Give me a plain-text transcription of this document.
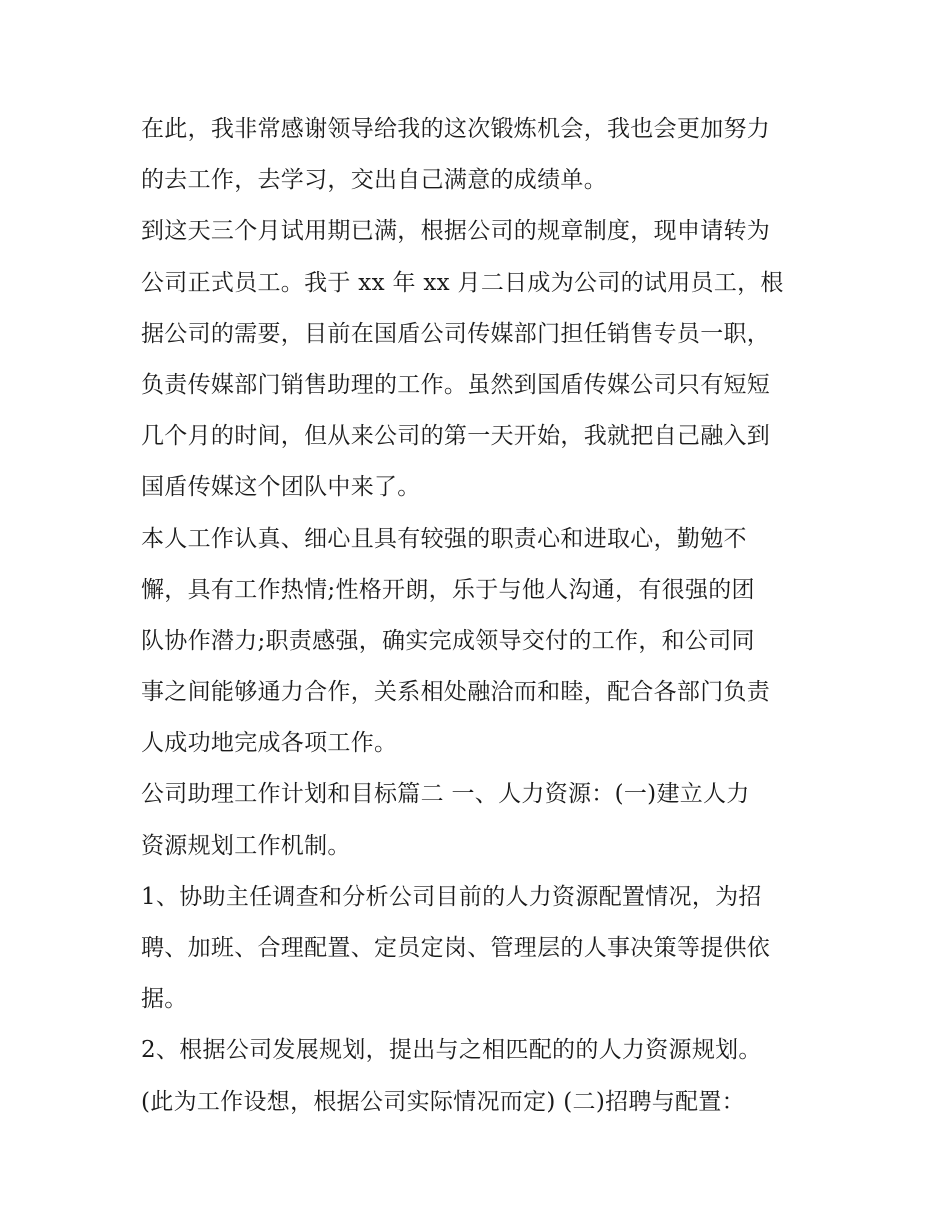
在此，我非常感谢领导给我的这次锻炼机会，我也会更加努力
的去工作，去学习，交出自己满意的成绩单。
到这天三个月试用期已满，根据公司的规章制度，现申请转为
公司正式员工。我于 xx 年 xx 月二日成为公司的试用员工，根
据公司的需要，目前在国盾公司传媒部门担任销售专员一职，
负责传媒部门销售助理的工作。虽然到国盾传媒公司只有短短
几个月的时间，但从来公司的第一天开始，我就把自己融入到
国盾传媒这个团队中来了。
本人工作认真、细心且具有较强的职责心和进取心，勤勉不
懈，具有工作热情;性格开朗，乐于与他人沟通，有很强的团
队协作潜力;职责感强，确实完成领导交付的工作，和公司同
事之间能够通力合作，关系相处融洽而和睦，配合各部门负责
人成功地完成各项工作。
公司助理工作计划和目标篇二 一、人力资源：(一)建立人力
资源规划工作机制。
1、协助主任调查和分析公司目前的人力资源配置情况，为招
聘、加班、合理配置、定员定岗、管理层的人事决策等提供依
据。
2、根据公司发展规划，提出与之相匹配的的人力资源规划。
(此为工作设想，根据公司实际情况而定) (二)招聘与配置：
